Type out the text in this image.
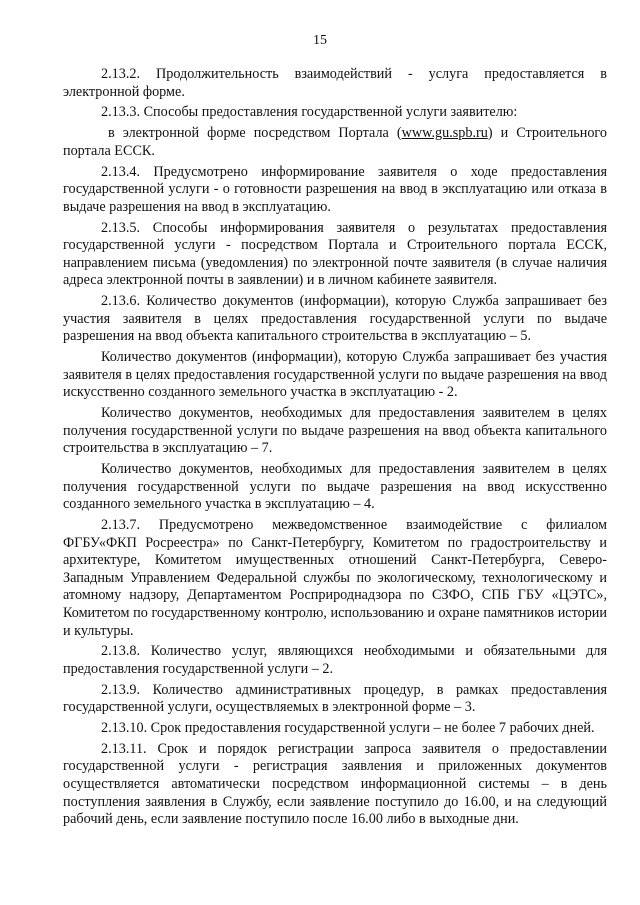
15

2.13.2. Продолжительность взаимодействий - услуга предоставляется в электронной форме.

2.13.3. Способы предоставления государственной услуги заявителю:

в электронной форме посредством Портала (www.gu.spb.ru) и Строительного портала ЕССК.

2.13.4. Предусмотрено информирование заявителя о ходе предоставления государственной услуги - о готовности разрешения на ввод в эксплуатацию или отказа в выдаче разрешения на ввод в эксплуатацию.

2.13.5. Способы информирования заявителя о результатах предоставления государственной услуги - посредством Портала и Строительного портала ЕССК, направлением письма (уведомления) по электронной почте заявителя (в случае наличия адреса электронной почты в заявлении) и в личном кабинете заявителя.

2.13.6. Количество документов (информации), которую Служба запрашивает без участия заявителя в целях предоставления государственной услуги по выдаче разрешения на ввод объекта капитального строительства в эксплуатацию – 5.

Количество документов (информации), которую Служба запрашивает без участия заявителя в целях предоставления государственной услуги по выдаче разрешения на ввод искусственно созданного земельного участка в эксплуатацию - 2.

Количество документов, необходимых для предоставления заявителем в целях получения государственной услуги по выдаче разрешения на ввод объекта капитального строительства в эксплуатацию – 7.

Количество документов, необходимых для предоставления заявителем в целях получения государственной услуги по выдаче разрешения на ввод искусственно созданного земельного участка в эксплуатацию – 4.

2.13.7. Предусмотрено межведомственное взаимодействие с филиалом ФГБУ«ФКП Росреестра» по Санкт-Петербургу, Комитетом по градостроительству и архитектуре, Комитетом имущественных отношений Санкт-Петербурга, Северо-Западным Управлением Федеральной службы по экологическому, технологическому и атомному надзору, Департаментом Росприроднадзора по СЗФО, СПБ ГБУ «ЦЭТС», Комитетом по государственному контролю, использованию и охране памятников истории и культуры.

2.13.8. Количество услуг, являющихся необходимыми и обязательными для предоставления государственной услуги – 2.

2.13.9. Количество административных процедур, в рамках предоставления государственной услуги, осуществляемых в электронной форме – 3.

2.13.10. Срок предоставления государственной услуги – не более 7 рабочих дней.

2.13.11. Срок и порядок регистрации запроса заявителя о предоставлении государственной услуги - регистрация заявления и приложенных документов осуществляется автоматически посредством информационной системы – в день поступления заявления в Службу, если заявление поступило до 16.00, и на следующий рабочий день, если заявление поступило после 16.00 либо в выходные дни.
